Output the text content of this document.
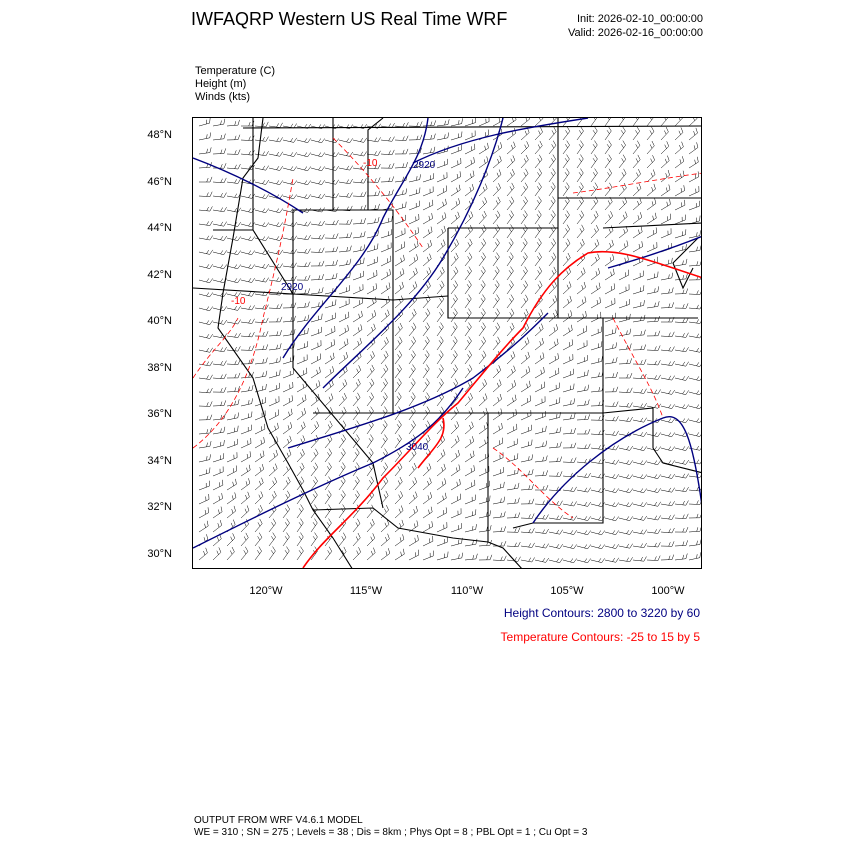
IWFAQRP Western US Real Time WRF	Init: 2026-02-10_00:00:00
Valid: 2026-02-16_00:00:00
Temperature (C)
Height (m)
Winds (kts)
2920
2920
3040
-10
-10
48°N
46°N
44°N
42°N
40°N
38°N
36°N
34°N
32°N
30°N
120°W	115°W	110°W	105°W	100°W
Height Contours: 2800 to 3220 by 60
Temperature Contours: -25 to 15 by 5
OUTPUT FROM WRF V4.6.1 MODEL
WE = 310 ; SN = 275 ; Levels = 38 ; Dis = 8km ; Phys Opt = 8 ; PBL Opt = 1 ; Cu Opt = 3
